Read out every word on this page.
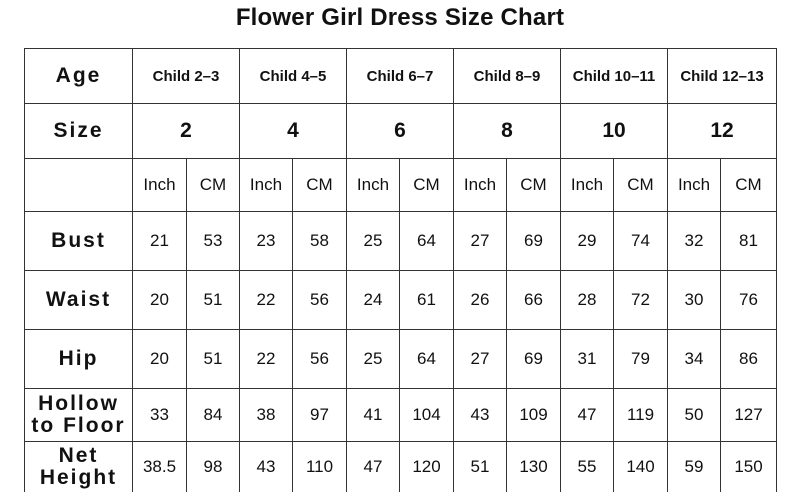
Flower Girl Dress Size Chart
Age	Child 2–3		Child 4–5		Child 6–7		Child 8–9		Child 10–11		Child 12–13	
Size	2		4		6		8		10		12	
	Inch	CM	Inch	CM	Inch	CM	Inch	CM	Inch	CM	Inch	CM
Bust	21	53	23	58	25	64	27	69	29	74	32	81
Waist	20	51	22	56	24	61	26	66	28	72	30	76
Hip	20	51	22	56	25	64	27	69	31	79	34	86

Hollow
to Floor	33	84	38	97	41	104	43	109	47	119	50	127

Net
Height	38.5	98	43	110	47	120	51	130	55	140	59	150
